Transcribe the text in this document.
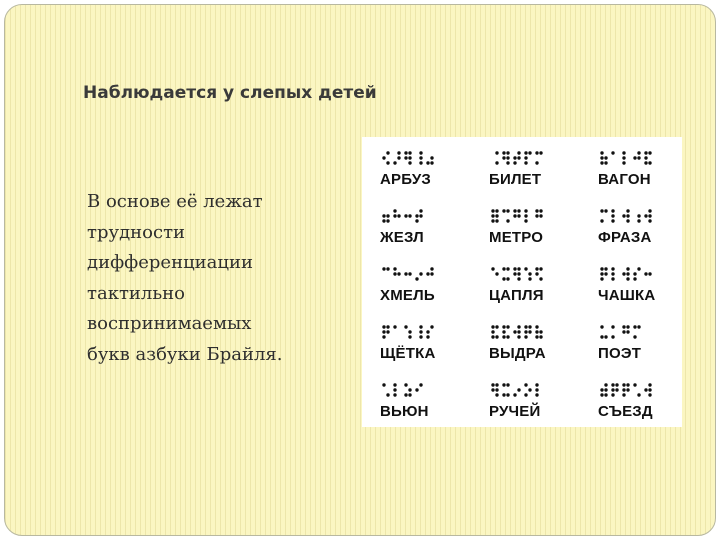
Наблюдается у слепых детей
В основе её лежат
трудности
дифференциации
тактильно
воспринимаемых
букв азбуки Брайля.
АРБУЗ	БИЛЕТ	ВАГОН
ЖЕЗЛ	МЕТРО	ФРАЗА
ХМЕЛЬ	ЦАПЛЯ	ЧАШКА
ЩЁТКА	ВЫДРА	ПОЭТ
ВЬЮН	РУЧЕЙ	СЪЕЗД
